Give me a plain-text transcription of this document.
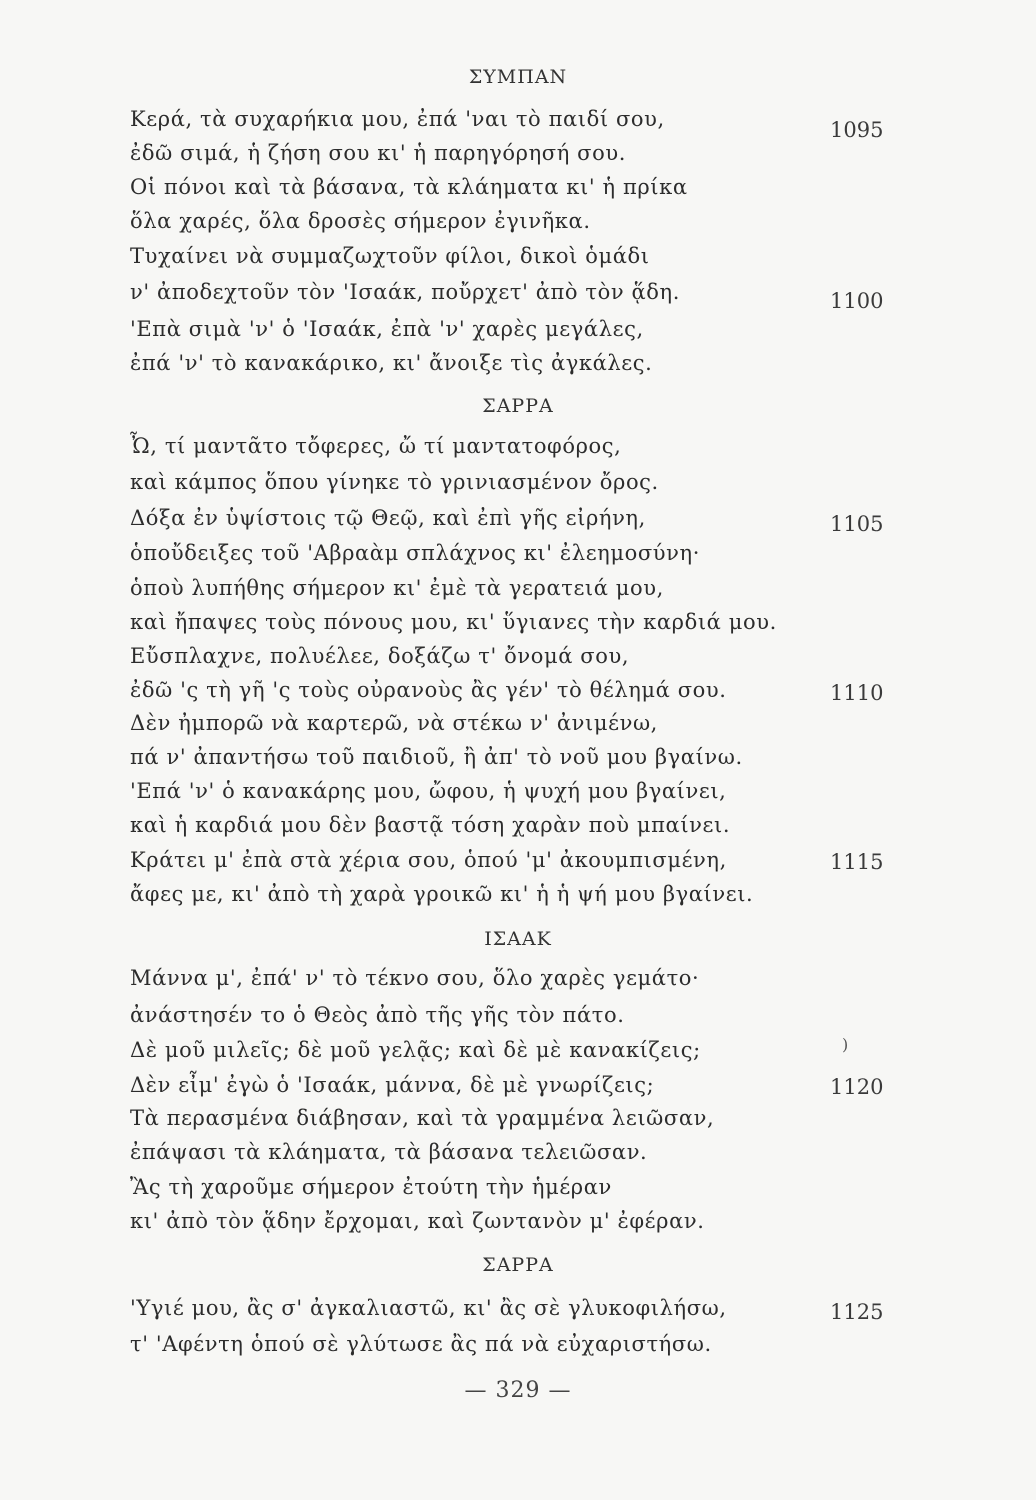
ΣΥΜΠΑΝ
Κερά, τὰ συχαρήκια μου, ἐπά 'ναι τὸ παιδί σου,
ἐδῶ σιμά, ἡ ζήση σου κι' ἡ παρηγόρησή σου.
Οἱ πόνοι καὶ τὰ βάσανα, τὰ κλάηματα κι' ἡ πρίκα
ὅλα χαρές, ὅλα δροσὲς σήμερον ἐγινῆκα.
Τυχαίνει νὰ συμμαζωχτοῦν φίλοι, δικοὶ ὁμάδι
ν' ἀποδεχτοῦν τὸν 'Ισαάκ, ποὔρχετ' ἀπὸ τὸν ᾅδη.
'Επὰ σιμὰ 'ν' ὁ 'Ισαάκ, ἐπὰ 'ν' χαρὲς μεγάλες,
ἐπά 'ν' τὸ κανακάρικο, κι' ἄνοιξε τὶς ἀγκάλες.
ΣΑΡΡΑ
Ὦ, τί μαντᾶτο τὄφερες, ὤ τί μαντατοφόρος,
καὶ κάμπος ὅπου γίνηκε τὸ γρινιασμένον ὄρος.
Δόξα ἐν ὑψίστοις τῷ Θεῷ, καὶ ἐπὶ γῆς εἰρήνη,
ὁποὔδειξες τοῦ 'Αβραὰμ σπλάχνος κι' ἐλεημοσύνη·
ὁποὺ λυπήθης σήμερον κι' ἐμὲ τὰ γερατειά μου,
καὶ ἤπαψες τοὺς πόνους μου, κι' ὕγιανες τὴν καρδιά μου.
Εὔσπλαχνε, πολυέλεε, δοξάζω τ' ὄνομά σου,
ἐδῶ 'ς τὴ γῆ 'ς τοὺς οὐρανοὺς ἂς γέν' τὸ θέλημά σου.
Δὲν ἠμπορῶ νὰ καρτερῶ, νὰ στέκω ν' ἀνιμένω,
πά ν' ἀπαντήσω τοῦ παιδιοῦ, ἢ ἀπ' τὸ νοῦ μου βγαίνω.
'Επά 'ν' ὁ κανακάρης μου, ὤφου, ἡ ψυχή μου βγαίνει,
καὶ ἡ καρδιά μου δὲν βαστᾷ τόση χαρὰν ποὺ μπαίνει.
Κράτει μ' ἐπὰ στὰ χέρια σου, ὁπού 'μ' ἀκουμπισμένη,
ἄφες με, κι' ἀπὸ τὴ χαρὰ γροικῶ κι' ἡ ἡ ψή μου βγαίνει.
ΙΣΑΑΚ
Μάννα μ', ἐπά' ν' τὸ τέκνο σου, ὅλο χαρὲς γεμάτο·
ἀνάστησέν το ὁ Θεὸς ἀπὸ τῆς γῆς τὸν πάτο.
Δὲ μοῦ μιλεῖς; δὲ μοῦ γελᾷς; καὶ δὲ μὲ κανακίζεις;
Δὲν εἶμ' ἐγὼ ὁ 'Ισαάκ, μάννα, δὲ μὲ γνωρίζεις;
Τὰ περασμένα διάβησαν, καὶ τὰ γραμμένα λειῶσαν,
ἐπάψασι τὰ κλάηματα, τὰ βάσανα τελειῶσαν.
Ἂς τὴ χαροῦμε σήμερον ἐτούτη τὴν ἡμέραν
κι' ἀπὸ τὸν ᾅδην ἔρχομαι, καὶ ζωντανὸν μ' ἐφέραν.
ΣΑΡΡΑ
'Υγιέ μου, ἂς σ' ἀγκαλιαστῶ, κι' ἂς σὲ γλυκοφιλήσω,
τ' 'Αφέντη ὁπού σὲ γλύτωσε ἂς πά νὰ εὐχαριστήσω.
1095
1100
1105
1110
1115
1120
1125
)
— 329 —
